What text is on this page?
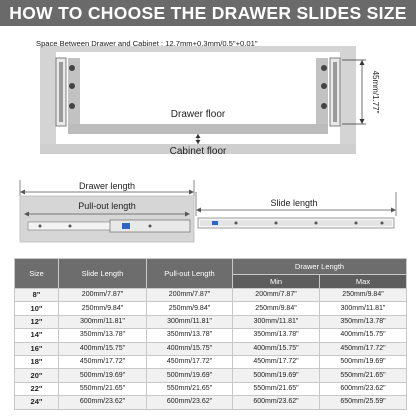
HOW TO CHOOSE THE DRAWER SLIDES SIZE
Space Between Drawer and Cabinet : 12.7mm+0.3mm/0.5"+0.01"
45mm/1.77"
Drawer floor
Cabinet floor
Drawer length
Pull-out length	Slide length
Size	Slide Length	Pull-out Length	Drawer Length	
			Min	Max
8"	200mm/7.87"	200mm/7.87"	200mm/7.87"	250mm/9.84"
10"	250mm/9.84"	250mm/9.84"	250mm/9.84"	300mm/11.81"
12"	300mm/11.81"	300mm/11.81"	300mm/11.81"	350mm/13.78"
14"	350mm/13.78"	350mm/13.78"	350mm/13.78"	400mm/15.75"
16"	400mm/15.75"	400mm/15.75"	400mm/15.75"	450mm/17.72"
18"	450mm/17.72"	450mm/17.72"	450mm/17.72"	500mm/19.69"
20"	500mm/19.69"	500mm/19.69"	500mm/19.69"	550mm/21.65"
22"	550mm/21.65"	550mm/21.65"	550mm/21.65"	600mm/23.62"
24"	600mm/23.62"	600mm/23.62"	600mm/23.62"	650mm/25.59"
